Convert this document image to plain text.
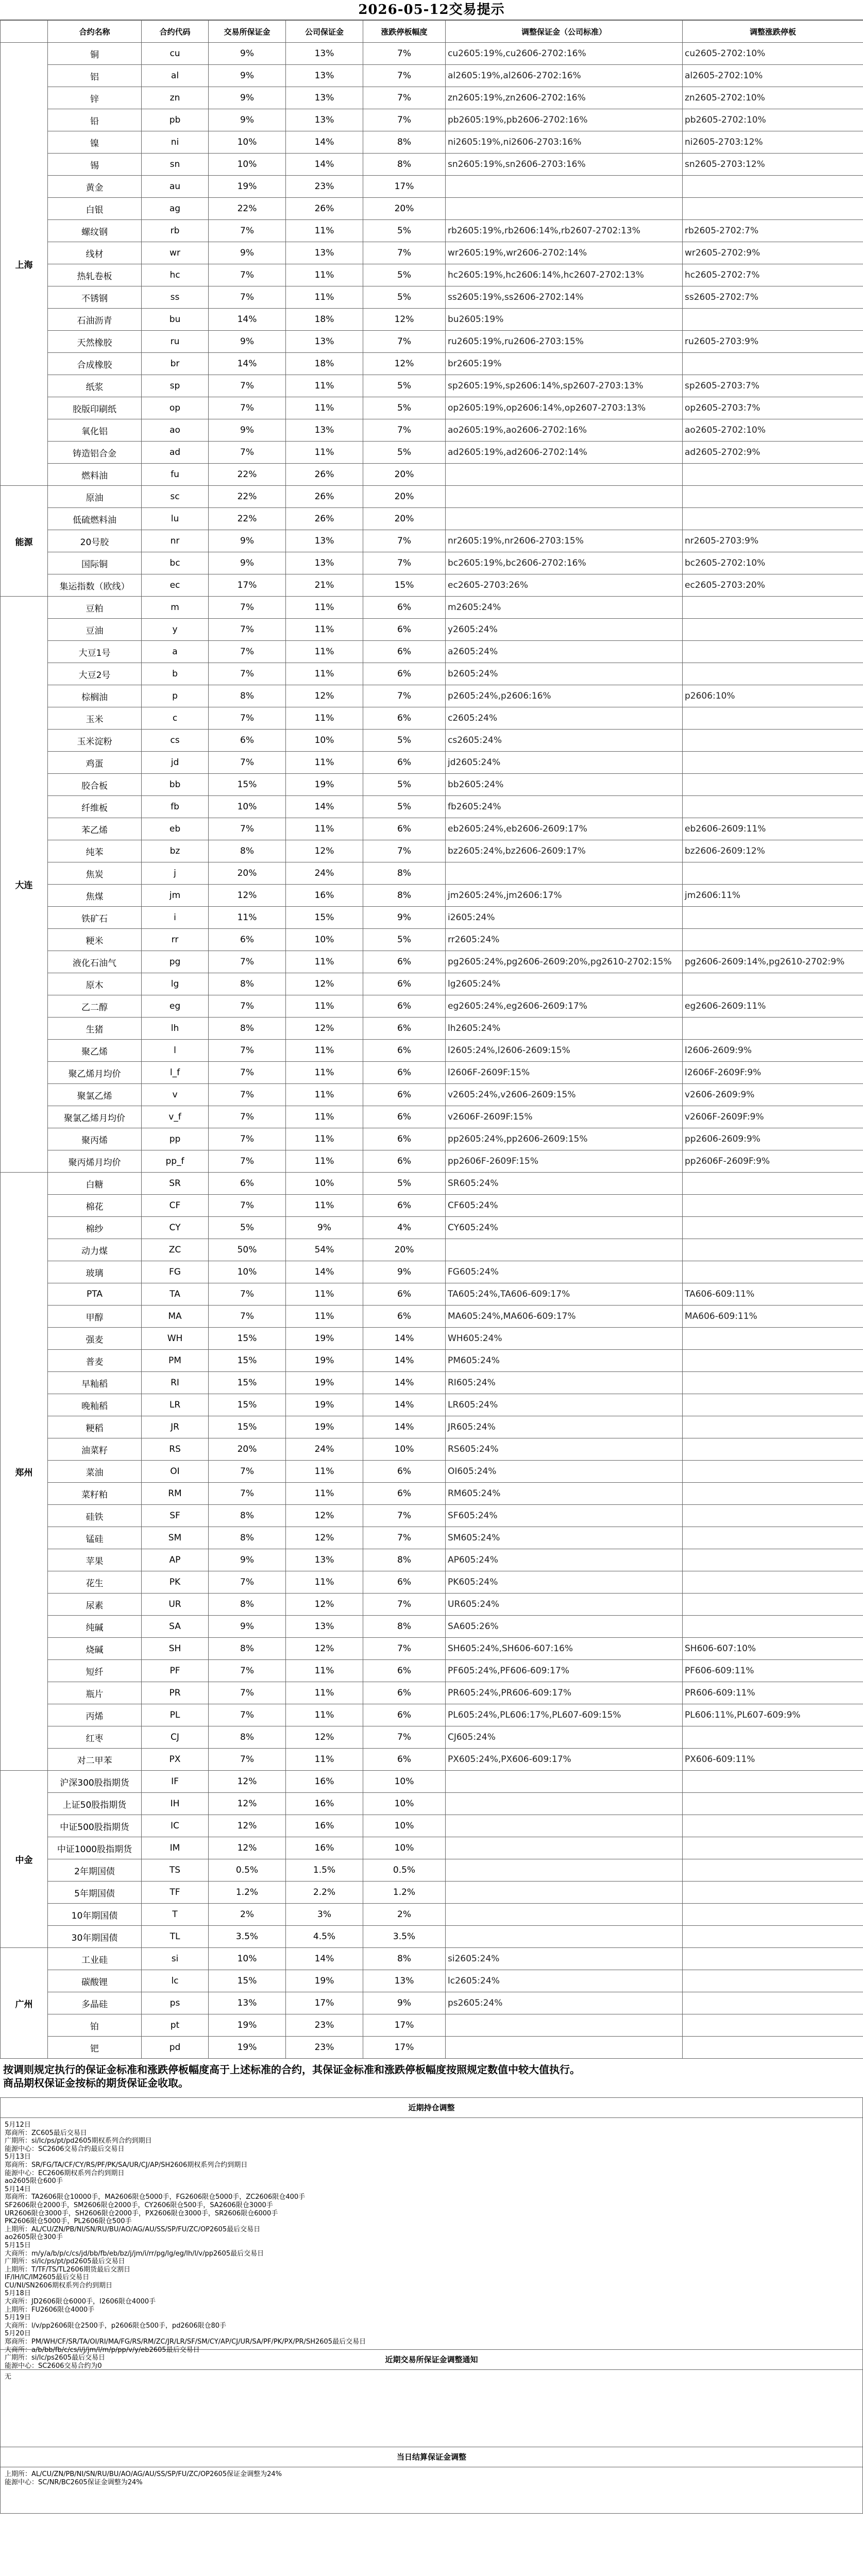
2026-05-12交易提示
	合约名称	合约代码	交易所保证金	公司保证金	涨跌停板幅度	调整保证金（公司标准）	调整涨跌停板
上海	铜	cu	9%	13%	7%	cu2605:19%,cu2606-2702:16%	cu2605-2702:10%
	铝	al	9%	13%	7%	al2605:19%,al2606-2702:16%	al2605-2702:10%
	锌	zn	9%	13%	7%	zn2605:19%,zn2606-2702:16%	zn2605-2702:10%
	铅	pb	9%	13%	7%	pb2605:19%,pb2606-2702:16%	pb2605-2702:10%
	镍	ni	10%	14%	8%	ni2605:19%,ni2606-2703:16%	ni2605-2703:12%
	锡	sn	10%	14%	8%	sn2605:19%,sn2606-2703:16%	sn2605-2703:12%
	黄金	au	19%	23%	17%		
	白银	ag	22%	26%	20%		
	螺纹钢	rb	7%	11%	5%	rb2605:19%,rb2606:14%,rb2607-2702:13%	rb2605-2702:7%
	线材	wr	9%	13%	7%	wr2605:19%,wr2606-2702:14%	wr2605-2702:9%
	热轧卷板	hc	7%	11%	5%	hc2605:19%,hc2606:14%,hc2607-2702:13%	hc2605-2702:7%
	不锈钢	ss	7%	11%	5%	ss2605:19%,ss2606-2702:14%	ss2605-2702:7%
	石油沥青	bu	14%	18%	12%	bu2605:19%	
	天然橡胶	ru	9%	13%	7%	ru2605:19%,ru2606-2703:15%	ru2605-2703:9%
	合成橡胶	br	14%	18%	12%	br2605:19%	
	纸浆	sp	7%	11%	5%	sp2605:19%,sp2606:14%,sp2607-2703:13%	sp2605-2703:7%
	胶版印刷纸	op	7%	11%	5%	op2605:19%,op2606:14%,op2607-2703:13%	op2605-2703:7%
	氧化铝	ao	9%	13%	7%	ao2605:19%,ao2606-2702:16%	ao2605-2702:10%
	铸造铝合金	ad	7%	11%	5%	ad2605:19%,ad2606-2702:14%	ad2605-2702:9%
	燃料油	fu	22%	26%	20%		
能源	原油	sc	22%	26%	20%		
	低硫燃料油	lu	22%	26%	20%		
	20号胶	nr	9%	13%	7%	nr2605:19%,nr2606-2703:15%	nr2605-2703:9%
	国际铜	bc	9%	13%	7%	bc2605:19%,bc2606-2702:16%	bc2605-2702:10%
	集运指数（欧线）	ec	17%	21%	15%	ec2605-2703:26%	ec2605-2703:20%
大连	豆粕	m	7%	11%	6%	m2605:24%	
	豆油	y	7%	11%	6%	y2605:24%	
	大豆1号	a	7%	11%	6%	a2605:24%	
	大豆2号	b	7%	11%	6%	b2605:24%	
	棕榈油	p	8%	12%	7%	p2605:24%,p2606:16%	p2606:10%
	玉米	c	7%	11%	6%	c2605:24%	
	玉米淀粉	cs	6%	10%	5%	cs2605:24%	
	鸡蛋	jd	7%	11%	6%	jd2605:24%	
	胶合板	bb	15%	19%	5%	bb2605:24%	
	纤维板	fb	10%	14%	5%	fb2605:24%	
	苯乙烯	eb	7%	11%	6%	eb2605:24%,eb2606-2609:17%	eb2606-2609:11%
	纯苯	bz	8%	12%	7%	bz2605:24%,bz2606-2609:17%	bz2606-2609:12%
	焦炭	j	20%	24%	8%		
	焦煤	jm	12%	16%	8%	jm2605:24%,jm2606:17%	jm2606:11%
	铁矿石	i	11%	15%	9%	i2605:24%	
	粳米	rr	6%	10%	5%	rr2605:24%	
	液化石油气	pg	7%	11%	6%	pg2605:24%,pg2606-2609:20%,pg2610-2702:15%	pg2606-2609:14%,pg2610-2702:9%
	原木	lg	8%	12%	6%	lg2605:24%	
	乙二醇	eg	7%	11%	6%	eg2605:24%,eg2606-2609:17%	eg2606-2609:11%
	生猪	lh	8%	12%	6%	lh2605:24%	
	聚乙烯	l	7%	11%	6%	l2605:24%,l2606-2609:15%	l2606-2609:9%
	聚乙烯月均价	l_f	7%	11%	6%	l2606F-2609F:15%	l2606F-2609F:9%
	聚氯乙烯	v	7%	11%	6%	v2605:24%,v2606-2609:15%	v2606-2609:9%
	聚氯乙烯月均价	v_f	7%	11%	6%	v2606F-2609F:15%	v2606F-2609F:9%
	聚丙烯	pp	7%	11%	6%	pp2605:24%,pp2606-2609:15%	pp2606-2609:9%
	聚丙烯月均价	pp_f	7%	11%	6%	pp2606F-2609F:15%	pp2606F-2609F:9%
郑州	白糖	SR	6%	10%	5%	SR605:24%	
	棉花	CF	7%	11%	6%	CF605:24%	
	棉纱	CY	5%	9%	4%	CY605:24%	
	动力煤	ZC	50%	54%	20%		
	玻璃	FG	10%	14%	9%	FG605:24%	
	PTA	TA	7%	11%	6%	TA605:24%,TA606-609:17%	TA606-609:11%
	甲醇	MA	7%	11%	6%	MA605:24%,MA606-609:17%	MA606-609:11%
	强麦	WH	15%	19%	14%	WH605:24%	
	普麦	PM	15%	19%	14%	PM605:24%	
	早籼稻	RI	15%	19%	14%	RI605:24%	
	晚籼稻	LR	15%	19%	14%	LR605:24%	
	粳稻	JR	15%	19%	14%	JR605:24%	
	油菜籽	RS	20%	24%	10%	RS605:24%	
	菜油	OI	7%	11%	6%	OI605:24%	
	菜籽粕	RM	7%	11%	6%	RM605:24%	
	硅铁	SF	8%	12%	7%	SF605:24%	
	锰硅	SM	8%	12%	7%	SM605:24%	
	苹果	AP	9%	13%	8%	AP605:24%	
	花生	PK	7%	11%	6%	PK605:24%	
	尿素	UR	8%	12%	7%	UR605:24%	
	纯碱	SA	9%	13%	8%	SA605:26%	
	烧碱	SH	8%	12%	7%	SH605:24%,SH606-607:16%	SH606-607:10%
	短纤	PF	7%	11%	6%	PF605:24%,PF606-609:17%	PF606-609:11%
	瓶片	PR	7%	11%	6%	PR605:24%,PR606-609:17%	PR606-609:11%
	丙烯	PL	7%	11%	6%	PL605:24%,PL606:17%,PL607-609:15%	PL606:11%,PL607-609:9%
	红枣	CJ	8%	12%	7%	CJ605:24%	
	对二甲苯	PX	7%	11%	6%	PX605:24%,PX606-609:17%	PX606-609:11%
中金	沪深300股指期货	IF	12%	16%	10%		
	上证50股指期货	IH	12%	16%	10%		
	中证500股指期货	IC	12%	16%	10%		
	中证1000股指期货	IM	12%	16%	10%		
	2年期国债	TS	0.5%	1.5%	0.5%		
	5年期国债	TF	1.2%	2.2%	1.2%		
	10年期国债	T	2%	3%	2%		
	30年期国债	TL	3.5%	4.5%	3.5%		
广州	工业硅	si	10%	14%	8%	si2605:24%	
	碳酸锂	lc	15%	19%	13%	lc2605:24%	
	多晶硅	ps	13%	17%	9%	ps2605:24%	
	铂	pt	19%	23%	17%		
	钯	pd	19%	23%	17%		
按调则规定执行的保证金标准和涨跌停板幅度高于上述标准的合约，其保证金标准和涨跌停板幅度按照规定数值中较大值执行。
商品期权保证金按标的期货保证金收取。
近期持仓调整
5月12日
郑商所：ZC605最后交易日
广期所：si/lc/ps/pt/pd2605期权系列合约到期日
能源中心：SC2606交易合约最后交易日
5月13日
郑商所：SR/FG/TA/CF/CY/RS/PF/PK/SA/UR/CJ/AP/SH2606期权系列合约到期日
能源中心：EC2606期权系列合约到期日
ao2605限仓600手
5月14日
郑商所：TA2606限仓10000手，MA2606限仓5000手，FG2606限仓5000手，ZC2606限仓400手
SF2606限仓2000手，SM2606限仓2000手，CY2606限仓500手，SA2606限仓3000手
UR2606限仓3000手，SH2606限仓2000手，PX2606限仓3000手，SR2606限仓6000手
PK2606限仓5000手，PL2606限仓500手
上期所：AL/CU/ZN/PB/NI/SN/RU/BU/AO/AG/AU/SS/SP/FU/ZC/OP2605最后交易日
ao2605限仓300手
5月15日
大商所：m/y/a/b/p/c/cs/jd/bb/fb/eb/bz/j/jm/i/rr/pg/lg/eg/lh/l/v/pp2605最后交易日
广期所：si/lc/ps/pt/pd2605最后交易日
上期所：T/TF/TS/TL2606期货最后交割日
IF/IH/IC/IM2605最后交易日
CU/NI/SN2606期权系列合约到期日
5月18日
大商所：JD2606限仓6000手，I2606限仓4000手
上期所：FU2606限仓4000手
5月19日
大商所：l/v/pp2606限仓2500手，p2606限仓500手，pd2606限仓80手
5月20日
郑商所：PM/WH/CF/SR/TA/OI/RI/MA/FG/RS/RM/ZC/JR/LR/SF/SM/CY/AP/CJ/UR/SA/PF/PK/PX/PR/SH2605最后交易日
大商所：a/b/bb/fb/c/cs/i/j/jm/l/m/p/pp/v/y/eb2605最后交易日
广期所：si/lc/ps2605最后交易日
能源中心：SC2606交易合约为0
近期交易所保证金调整通知
无
当日结算保证金调整
上期所：AL/CU/ZN/PB/NI/SN/RU/BU/AO/AG/AU/SS/SP/FU/ZC/OP2605保证金调整为24%
能源中心：SC/NR/BC2605保证金调整为24%
